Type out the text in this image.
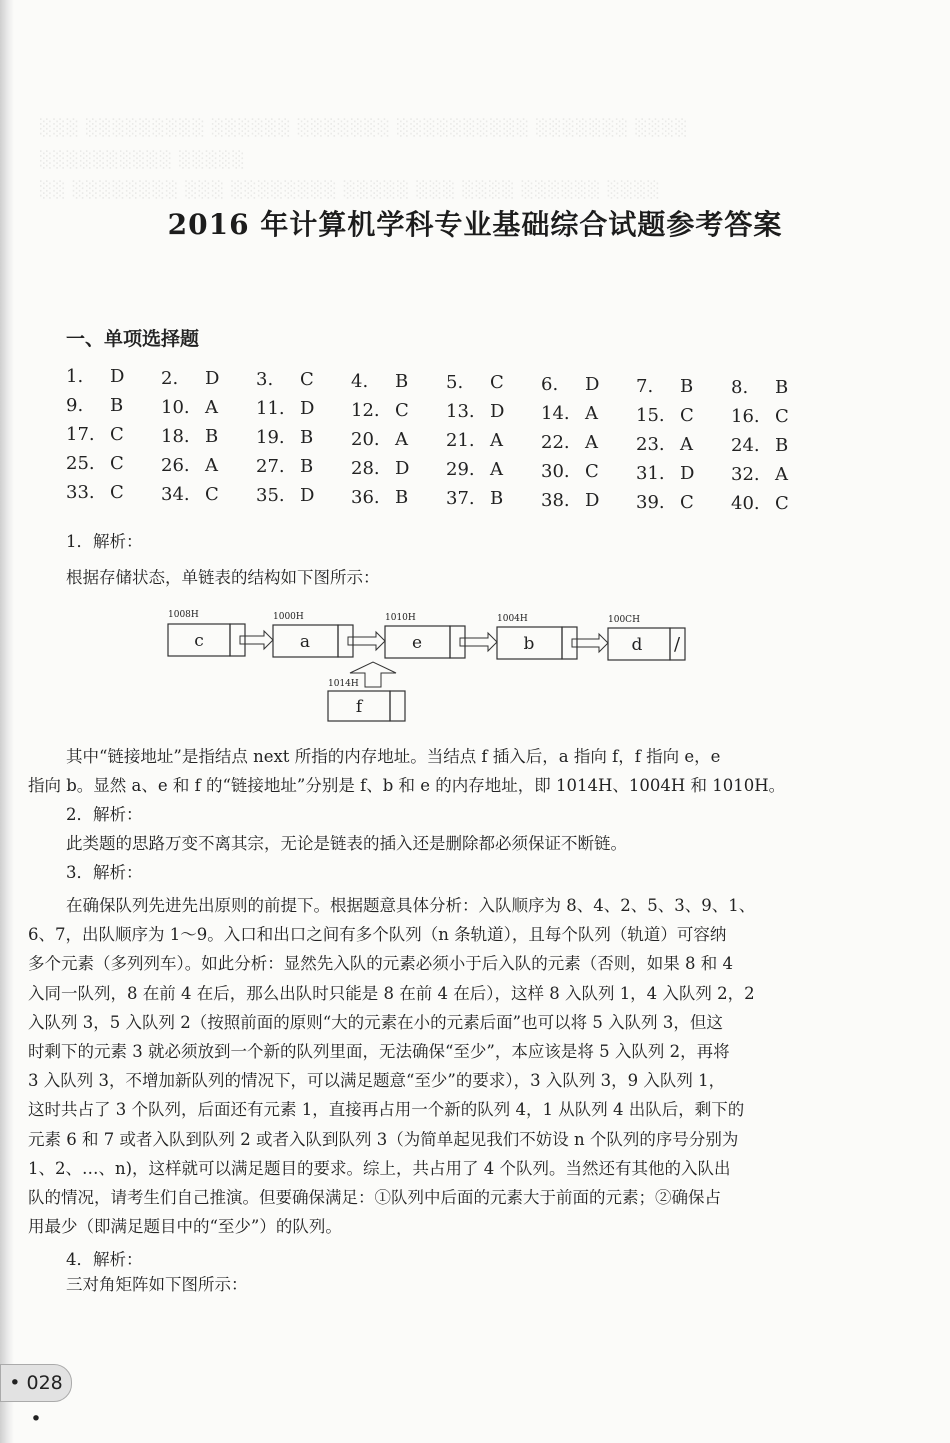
░░░ ░░░░░░░░░ ░░░░░░ ░░░░░░░ ░░░░░░░░░░ ░░░░░░░ ░░░░
░░░░░░░░░░ ░░░░░
░░ ░░░░░░░░ ░░░ ░░░░░░░░ ░░░░░ ░░░ ░░░░ ░░░░░░ ░░░░
2016 年计算机学科专业基础综合试题参考答案
一、单项选择题
1. D	2. D	3. C	4. B	5. C	6. D	7. B	8. B
9. B	10. A	11. D	12. C	13. D	14. A	15. C	16. C
17. C	18. B	19. B	20. A	21. A	22. A	23. A	24. B
25. C	26. A	27. B	28. D	29. A	30. C	31. D	32. A
33. C	34. C	35. D	36. B	37. B	38. D	39. C	40. C
1．解析：
根据存储状态，单链表的结构如下图所示：
1008H
c
1000H
a
1010H
e
1004H
b
100CH
d /
1014H
f
其中“链接地址”是指结点 next 所指的内存地址。当结点 f 插入后，a 指向 f，f 指向 e，e
指向 b。显然 a、e 和 f 的“链接地址”分别是 f、b 和 e 的内存地址，即 1014H、1004H 和 1010H。
2．解析：
此类题的思路万变不离其宗，无论是链表的插入还是删除都必须保证不断链。
3．解析：
在确保队列先进先出原则的前提下。根据题意具体分析：入队顺序为 8、4、2、5、3、9、1、
6、7，出队顺序为 1～9。入口和出口之间有多个队列（n 条轨道），且每个队列（轨道）可容纳
多个元素（多列列车）。如此分析：显然先入队的元素必须小于后入队的元素（否则，如果 8 和 4
入同一队列，8 在前 4 在后，那么出队时只能是 8 在前 4 在后），这样 8 入队列 1，4 入队列 2，2
入队列 3，5 入队列 2（按照前面的原则“大的元素在小的元素后面”也可以将 5 入队列 3，但这
时剩下的元素 3 就必须放到一个新的队列里面，无法确保“至少”，本应该是将 5 入队列 2，再将
3 入队列 3，不增加新队列的情况下，可以满足题意“至少”的要求），3 入队列 3，9 入队列 1，
这时共占了 3 个队列，后面还有元素 1，直接再占用一个新的队列 4，1 从队列 4 出队后，剩下的
元素 6 和 7 或者入队到队列 2 或者入队到队列 3（为简单起见我们不妨设 n 个队列的序号分别为
1、2、…、n)，这样就可以满足题目的要求。综上，共占用了 4 个队列。当然还有其他的入队出
队的情况，请考生们自己推演。但要确保满足：①队列中后面的元素大于前面的元素；②确保占
用最少（即满足题目中的“至少”）的队列。
4．解析：
三对角矩阵如下图所示：
• 028 •
